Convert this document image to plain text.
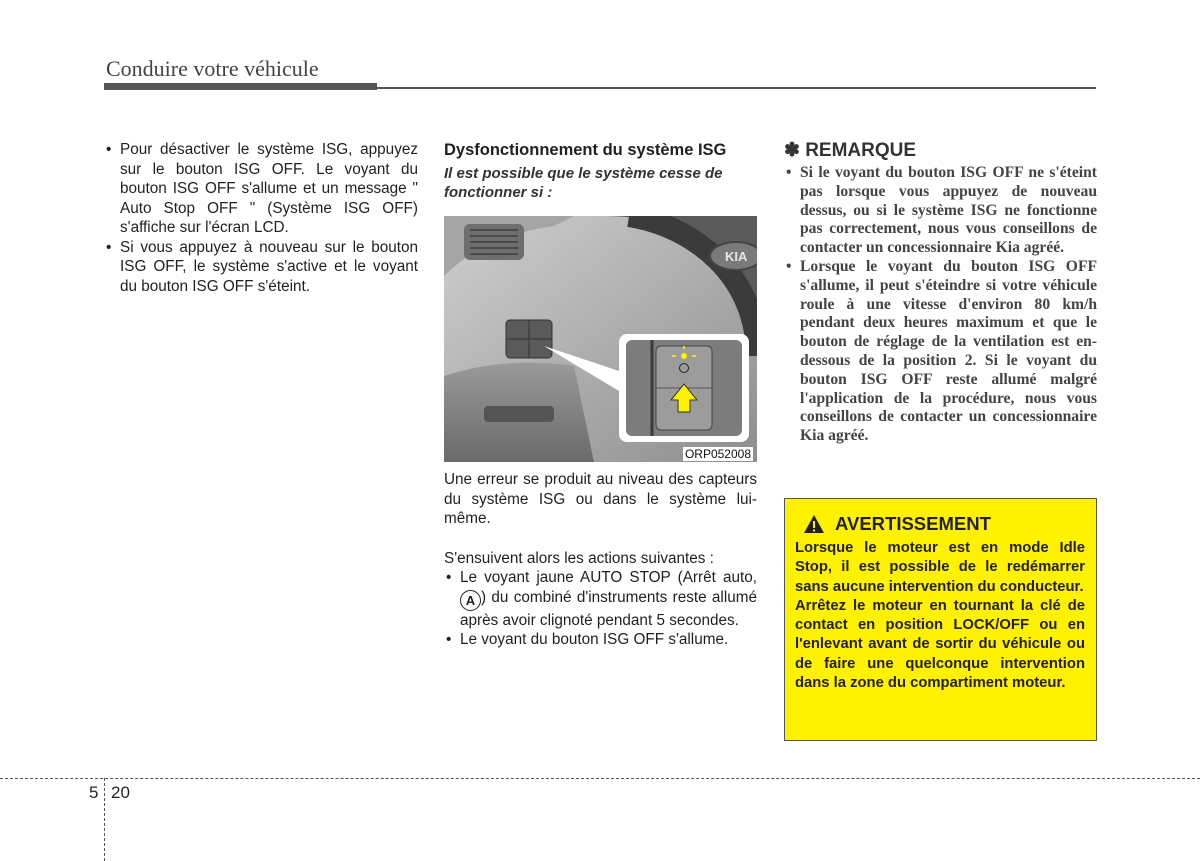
Conduire votre véhicule
• Pour désactiver le système ISG, appuyez sur le bouton ISG OFF. Le voyant du bouton ISG OFF s'allume et un message " Auto Stop OFF " (Système ISG OFF) s'affiche sur l'écran LCD.
• Si vous appuyez à nouveau sur le bouton ISG OFF, le système s'active et le voyant du bouton ISG OFF s'éteint.

Dysfonctionnement du système ISG

Il est possible que le système cesse de fonctionner si :

KIA
ORP052008

Une erreur se produit au niveau des capteurs du système ISG ou dans le système lui-même.

S'ensuivent alors les actions suivantes :

• Le voyant jaune AUTO STOP (Arrêt auto, A ) du combiné d'instruments reste allumé après avoir clignoté pendant 5 secondes.
• Le voyant du bouton ISG OFF s'allume.

✽ REMARQUE

• Si le voyant du bouton ISG OFF ne s'éteint pas lorsque vous appuyez de nouveau dessus, ou si le système ISG ne fonctionne pas correctement, nous vous conseillons de contacter un concessionnaire Kia agréé.
• Lorsque le voyant du bouton ISG OFF s'allume, il peut s'éteindre si votre véhicule roule à une vitesse d'environ 80 km/h pendant deux heures maximum et que le bouton de réglage de la ventilation est en-dessous de la position 2. Si le voyant du bouton ISG OFF reste allumé malgré l'application de la procédure, nous vous conseillons de contacter un concessionnaire Kia agréé.
AVERTISSEMENT

Lorsque le moteur est en mode Idle Stop, il est possible de le redémarrer sans aucune intervention du conducteur.

Arrêtez le moteur en tournant la clé de contact en position LOCK/OFF ou en l'enlevant avant de sortir du véhicule ou de faire une quelconque intervention dans la zone du compartiment moteur.

5 20
